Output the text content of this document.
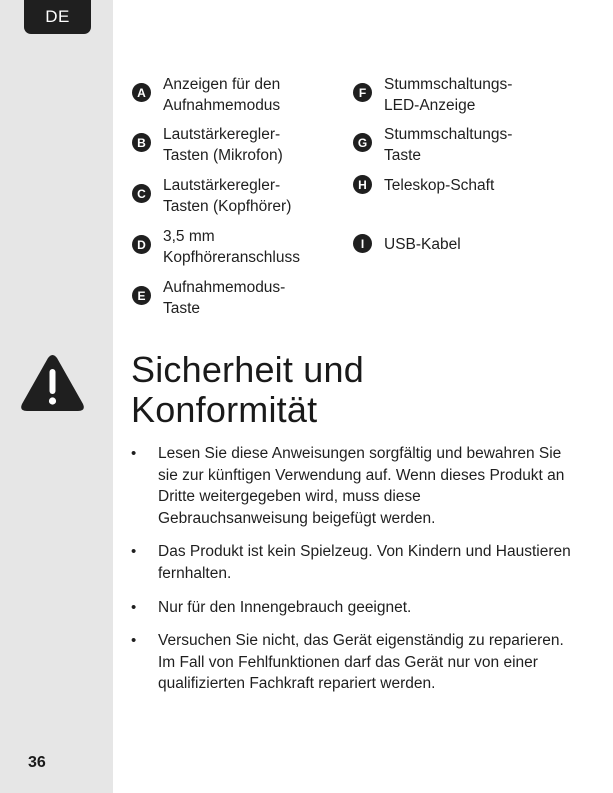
DE
36
A	Anzeigen für den
Aufnahmemodus
B	Lautstärkeregler-
Tasten (Mikrofon)
C	Lautstärkeregler-
Tasten (Kopfhörer)
D	3,5 mm
Kopfhöreranschluss
E	Aufnahmemodus-
Taste
F	Stummschaltungs-
LED-Anzeige
G	Stummschaltungs-
Taste
H	Teleskop-Schaft
I	USB-Kabel
Sicherheit und
Konformität
• Lesen Sie diese Anweisungen sorgfältig und bewahren Sie sie zur künftigen Verwendung auf. Wenn dieses Produkt an Dritte weitergegeben wird, muss diese Gebrauchsanweisung beigefügt werden.
• Das Produkt ist kein Spielzeug. Von Kindern und Haustieren fernhalten.
• Nur für den Innengebrauch geeignet.
• Versuchen Sie nicht, das Gerät eigenständig zu reparieren. Im Fall von Fehlfunktionen darf das Gerät nur von einer qualifizierten Fachkraft repariert werden.
